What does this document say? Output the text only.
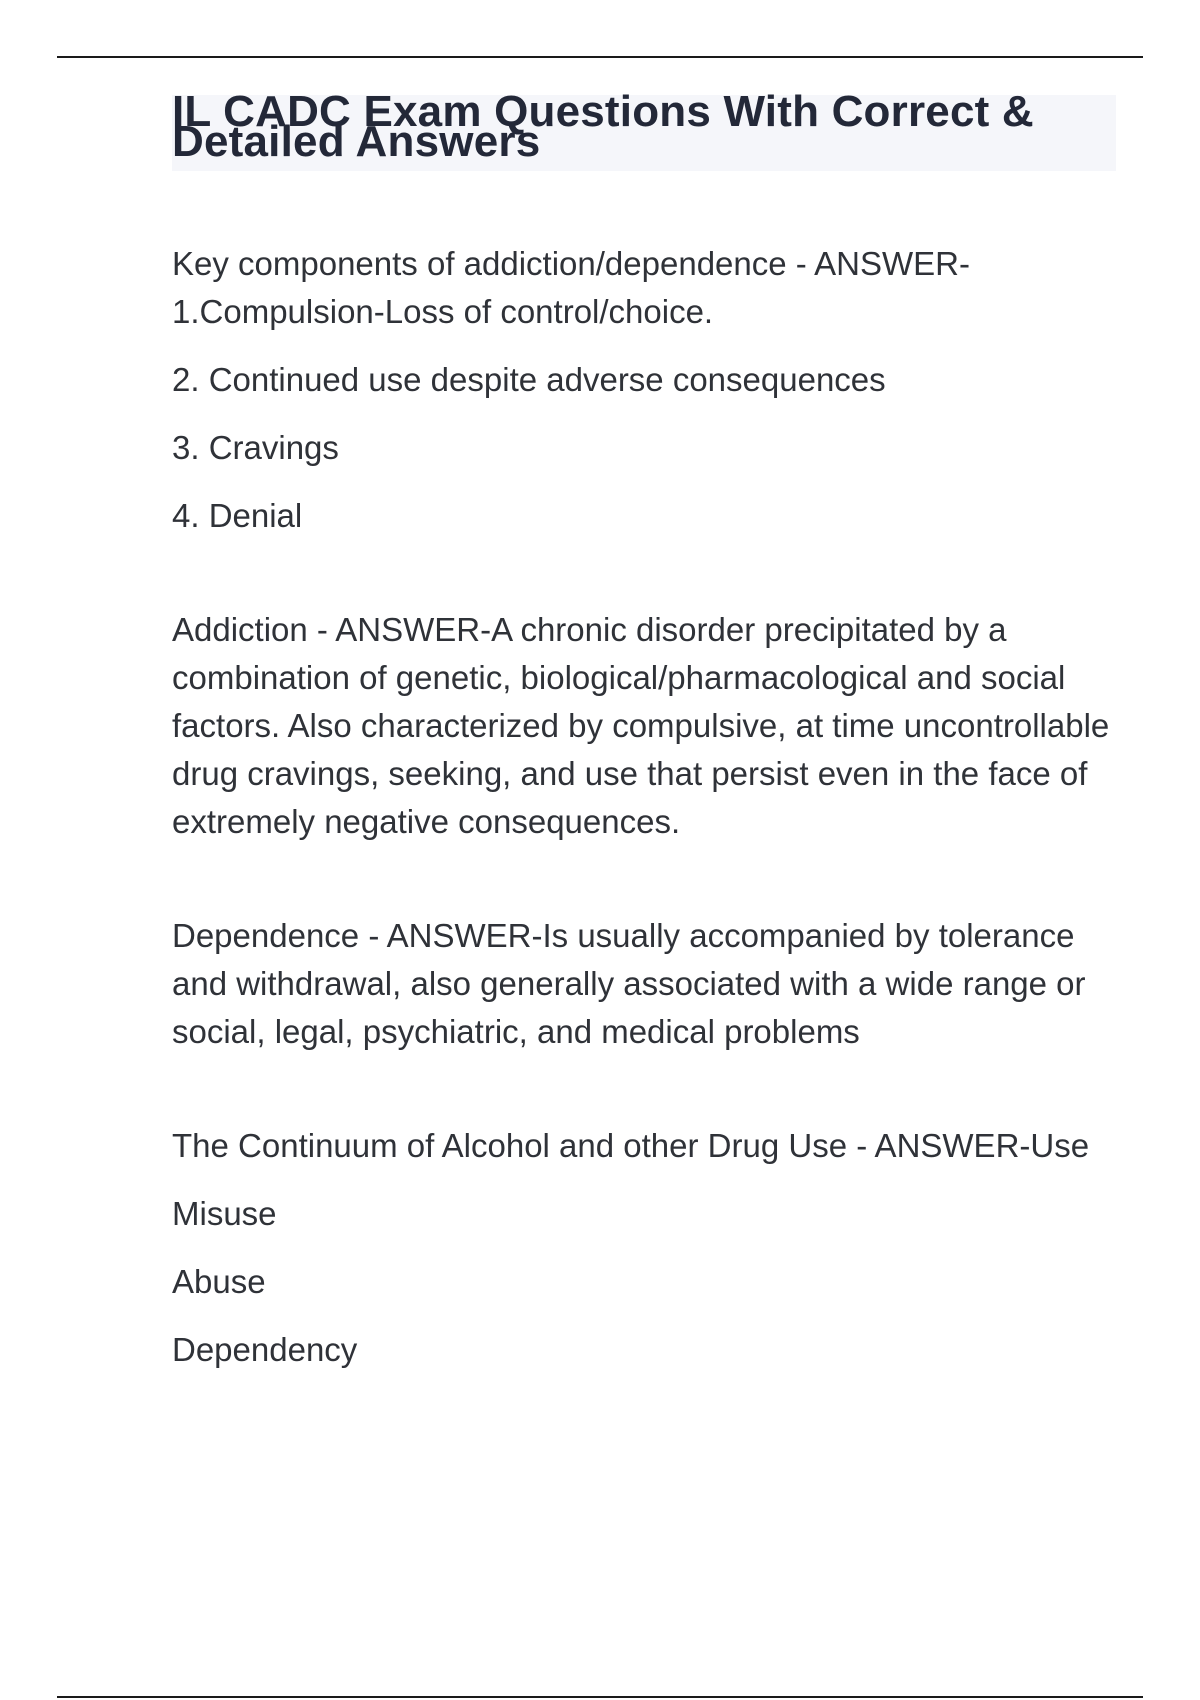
IL CADC Exam Questions With Correct & Detailed Answers

Key components of addiction/dependence - ANSWER-1.Compulsion-Loss of control/choice.

2. Continued use despite adverse consequences

3. Cravings

4. Denial

Addiction - ANSWER-A chronic disorder precipitated by a combination of genetic, biological/pharmacological and social factors. Also characterized by compulsive, at time uncontrollable drug cravings, seeking, and use that persist even in the face of extremely negative consequences.

Dependence - ANSWER-Is usually accompanied by tolerance and withdrawal, also generally associated with a wide range or social, legal, psychiatric, and medical problems

The Continuum of Alcohol and other Drug Use - ANSWER-Use

Misuse

Abuse

Dependency
